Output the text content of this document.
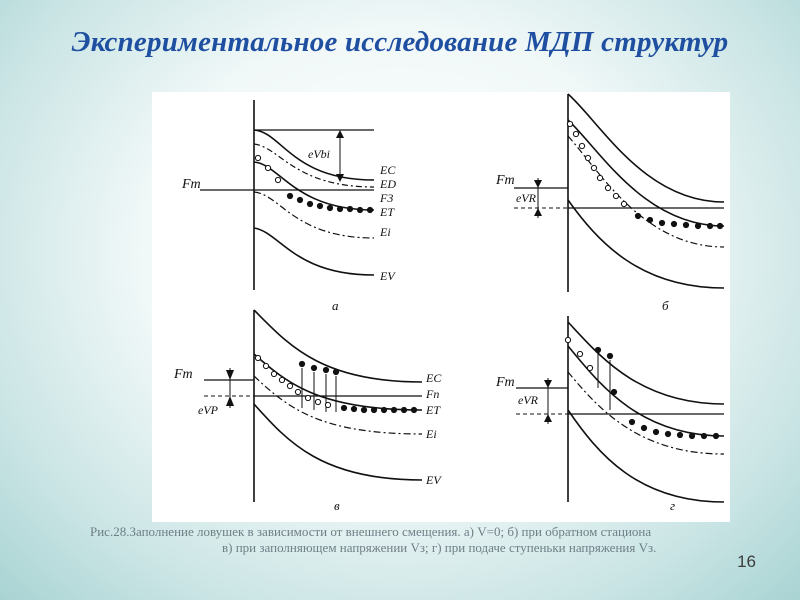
Экспериментальное исследование МДП структур
Fm
eVbi
EC
ED
F3
ET
Ei
EV
а
Fm
eVR
б
Fm
eVP
EC
Fn
ET
Ei
EV
в
Fm
eVR
г
Рис.28.Заполнение ловушек в зависимости от внешнего смещения. а) V=0; б) при обратном стациона
в) при заполняющем напряжении Vз; г) при подаче ступеньки напряжения Vз.
16
